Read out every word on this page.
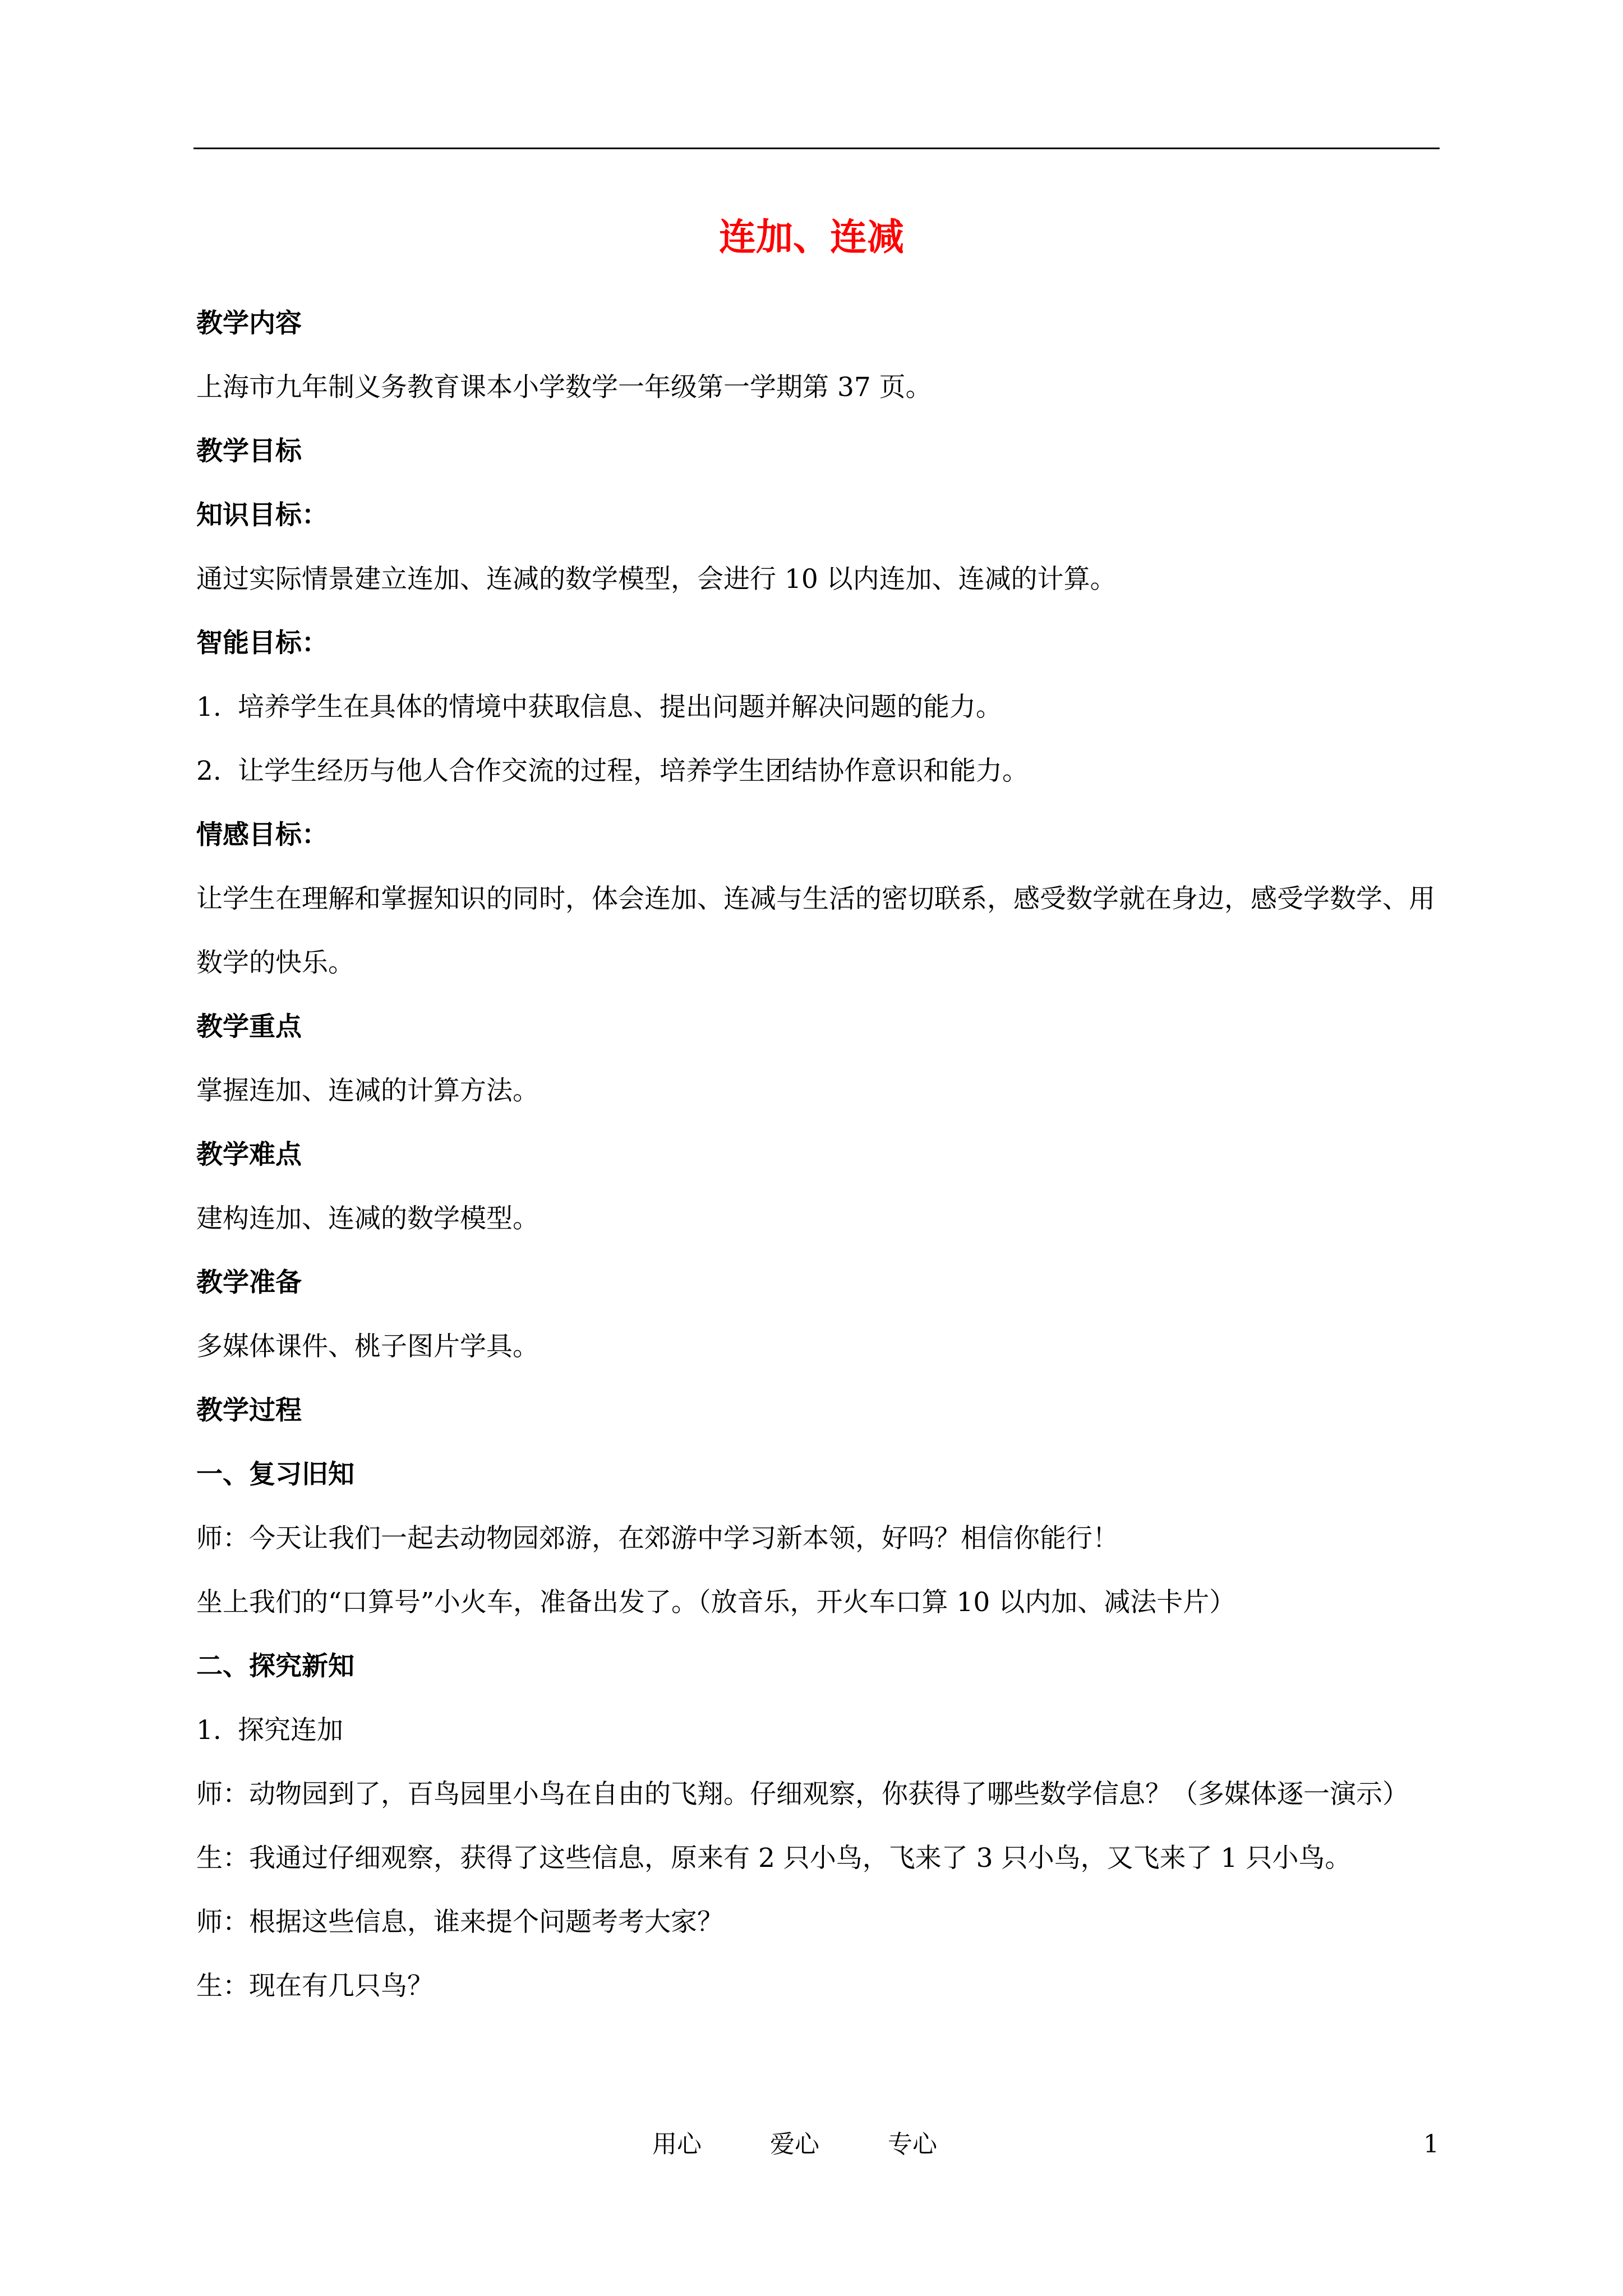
连加、连减

教学内容

上海市九年制义务教育课本小学数学一年级第一学期第 37 页。

教学目标

知识目标：

通过实际情景建立连加、连减的数学模型，会进行 10 以内连加、连减的计算。

智能目标：

1. 培养学生在具体的情境中获取信息、提出问题并解决问题的能力。

2. 让学生经历与他人合作交流的过程，培养学生团结协作意识和能力。

情感目标：

让学生在理解和掌握知识的同时，体会连加、连减与生活的密切联系，感受数学就在身边，感受学数学、用数学的快乐。

教学重点

掌握连加、连减的计算方法。

教学难点

建构连加、连减的数学模型。

教学准备

多媒体课件、桃子图片学具。

教学过程

一、复习旧知

师：今天让我们一起去动物园郊游，在郊游中学习新本领，好吗？相信你能行！

坐上我们的“口算号”小火车，准备出发了。（放音乐，开火车口算 10 以内加、减法卡片）

二、探究新知

1. 探究连加

师：动物园到了，百鸟园里小鸟在自由的飞翔。仔细观察，你获得了哪些数学信息？（多媒体逐一演示）

生：我通过仔细观察，获得了这些信息，原来有 2 只小鸟，飞来了 3 只小鸟，又飞来了 1 只小鸟。

师：根据这些信息，谁来提个问题考考大家？

生：现在有几只鸟？

用心	爱心	专心	1
